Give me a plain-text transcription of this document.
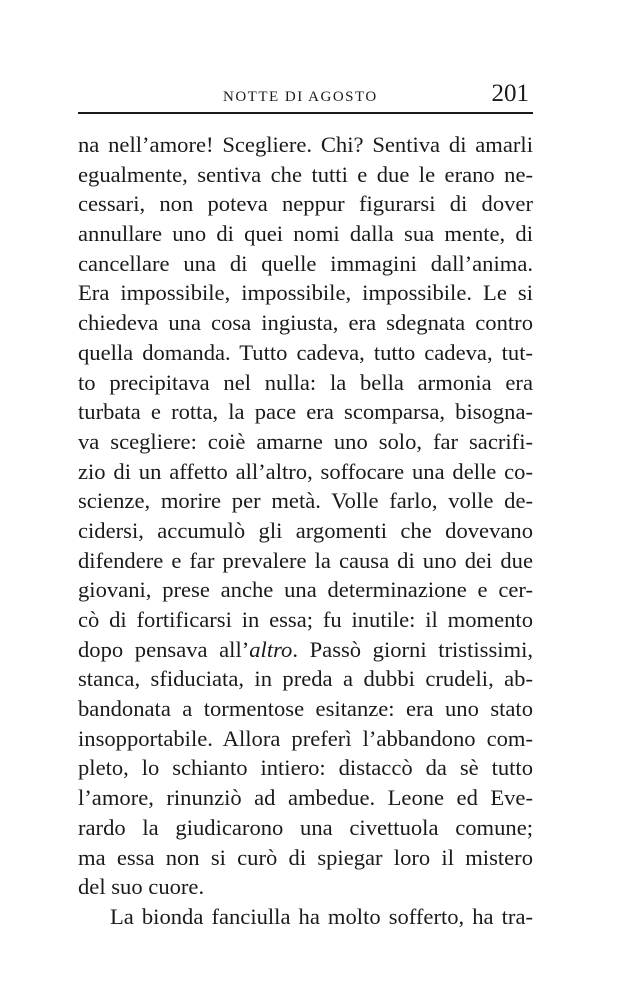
NOTTE DI AGOSTO	201
na nell’amore! Scegliere. Chi? Sentiva di amarli
egualmente, sentiva che tutti e due le erano ne-
cessari, non poteva neppur figurarsi di dover
annullare uno di quei nomi dalla sua mente, di
cancellare una di quelle immagini dall’anima.
Era impossibile, impossibile, impossibile. Le si
chiedeva una cosa ingiusta, era sdegnata contro
quella domanda. Tutto cadeva, tutto cadeva, tut-
to precipitava nel nulla: la bella armonia era
turbata e rotta, la pace era scomparsa, bisogna-
va scegliere: coiè amarne uno solo, far sacrifi-
zio di un affetto all’altro, soffocare una delle co-
scienze, morire per metà. Volle farlo, volle de-
cidersi, accumulò gli argomenti che dovevano
difendere e far prevalere la causa di uno dei due
giovani, prese anche una determinazione e cer-
cò di fortificarsi in essa; fu inutile: il momento
dopo pensava all’altro. Passò giorni tristissimi,
stanca, sfiduciata, in preda a dubbi crudeli, ab-
bandonata a tormentose esitanze: era uno stato
insopportabile. Allora preferì l’abbandono com-
pleto, lo schianto intiero: distaccò da sè tutto
l’amore, rinunziò ad ambedue. Leone ed Eve-
rardo la giudicarono una civettuola comune;
ma essa non si curò di spiegar loro il mistero
del suo cuore.
La bionda fanciulla ha molto sofferto, ha tra-
